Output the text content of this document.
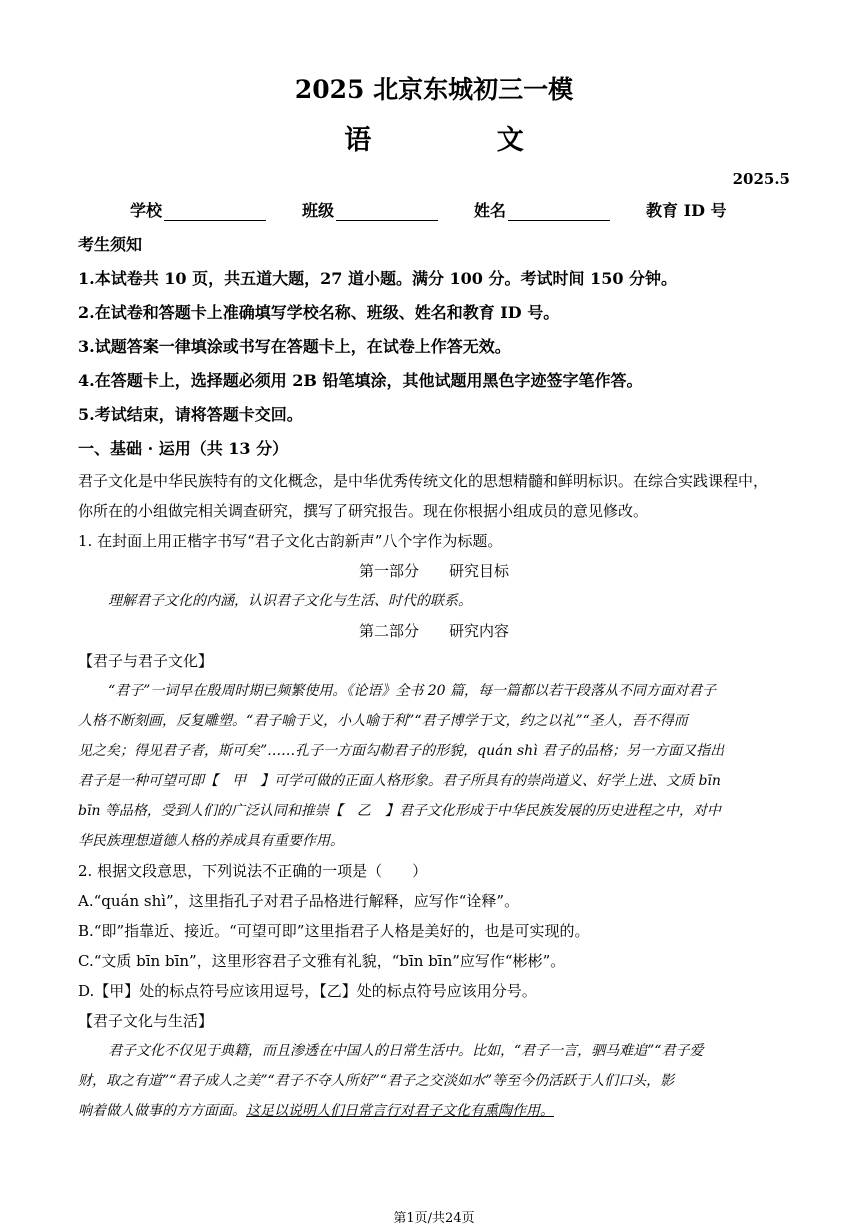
2025 北京东城初三一模
语 文
2025.5
学校	班级	姓名	教育 ID 号
考生须知
1.本试卷共 10 页，共五道大题，27 道小题。满分 100 分。考试时间 150 分钟。
2.在试卷和答题卡上准确填写学校名称、班级、姓名和教育 ID 号。
3.试题答案一律填涂或书写在答题卡上，在试卷上作答无效。
4.在答题卡上，选择题必须用 2B 铅笔填涂，其他试题用黑色字迹签字笔作答。
5.考试结束，请将答题卡交回。
一、基础 · 运用（共 13 分）
君子文化是中华民族特有的文化概念，是中华优秀传统文化的思想精髓和鲜明标识。在综合实践课程中，
你所在的小组做完相关调查研究，撰写了研究报告。现在你根据小组成员的意见修改。
1. 在封面上用正楷字书写“君子文化古韵新声”八个字作为标题。
第一部分　　研究目标
理解君子文化的内涵，认识君子文化与生活、时代的联系。
第二部分　　研究内容
【君子与君子文化】
“君子”一词早在殷周时期已频繁使用。《论语》全书 20 篇，每一篇都以若干段落从不同方面对君子
人格不断刻画，反复雕塑。“君子喻于义，小人喻于利”“君子博学于文，约之以礼”“圣人，吾不得而
见之矣；得见君子者，斯可矣”……孔子一方面勾勒君子的形貌，quán shì 君子的品格；另一方面又指出
君子是一种可望可即【　甲　】可学可做的正面人格形象。君子所具有的崇尚道义、好学上进、文质 bīn
bīn 等品格，受到人们的广泛认同和推崇【　乙　】君子文化形成于中华民族发展的历史进程之中，对中
华民族理想道德人格的养成具有重要作用。
2. 根据文段意思，下列说法不正确的一项是（　　）
A.“quán shì”，这里指孔子对君子品格进行解释，应写作“诠释”。
B.“即”指靠近、接近。“可望可即”这里指君子人格是美好的，也是可实现的。
C.“文质 bīn bīn”，这里形容君子文雅有礼貌，“bīn bīn”应写作“彬彬”。
D.【甲】处的标点符号应该用逗号，【乙】处的标点符号应该用分号。
【君子文化与生活】
君子文化不仅见于典籍，而且渗透在中国人的日常生活中。比如，“君子一言，驷马难追”“君子爱
财，取之有道”“君子成人之美”“君子不夺人所好”“君子之交淡如水”等至今仍活跃于人们口头，影
响着做人做事的方方面面。这足以说明人们日常言行对君子文化有熏陶作用。
第1页/共24页
